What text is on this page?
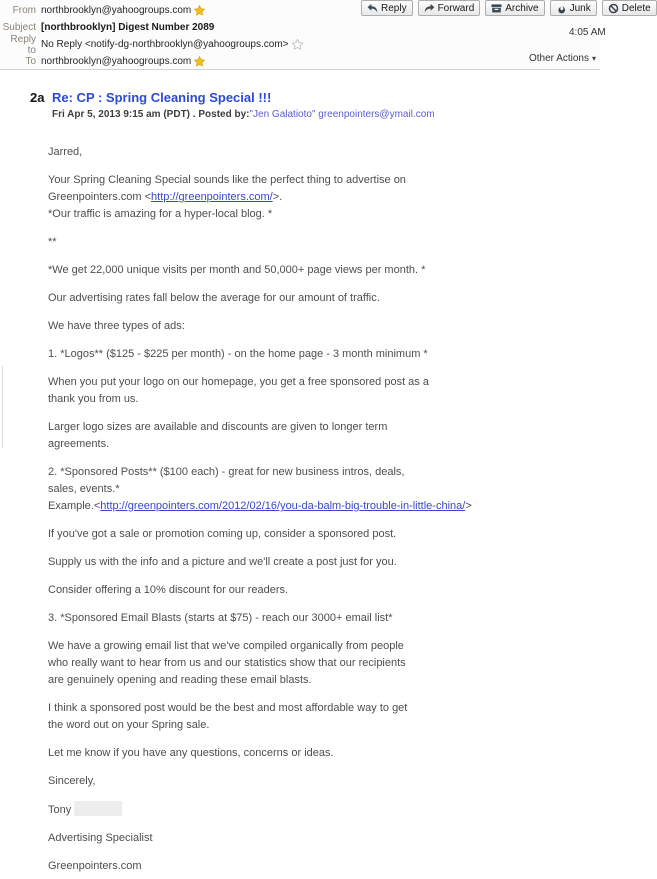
From northbrooklyn@yahoogroups.com
Subject [northbrooklyn] Digest Number 2089
Reply to No Reply <notify-dg-northbrooklyn@yahoogroups.com>
To northbrooklyn@yahoogroups.com
Reply	Forward	Archive	Junk	Delete
4:05 AM
Other Actions ▾
2a Re: CP : Spring Cleaning Special !!!
Fri Apr 5, 2013 9:15 am (PDT) . Posted by:"Jen Galatioto" greenpointers@ymail.com

Jarred,

Your Spring Cleaning Special sounds like the perfect thing to advertise on
Greenpointers.com <http://greenpointers.com/>.
*Our traffic is amazing for a hyper-local blog. *

**

*We get 22,000 unique visits per month and 50,000+ page views per month. *

Our advertising rates fall below the average for our amount of traffic.

We have three types of ads:

1. *Logos** ($125 - $225 per month) - on the home page - 3 month minimum *

When you put your logo on our homepage, you get a free sponsored post as a
thank you from us.

Larger logo sizes are available and discounts are given to longer term
agreements.

2. *Sponsored Posts** ($100 each) - great for new business intros, deals,
sales, events.*
Example.<http://greenpointers.com/2012/02/16/you-da-balm-big-trouble-in-little-china/>

If you've got a sale or promotion coming up, consider a sponsored post.

Supply us with the info and a picture and we'll create a post just for you.

Consider offering a 10% discount for our readers.

3. *Sponsored Email Blasts (starts at $75) - reach our 3000+ email list*

We have a growing email list that we've compiled organically from people
who really want to hear from us and our statistics show that our recipients
are genuinely opening and reading these email blasts.

I think a sponsored post would be the best and most affordable way to get
the word out on your Spring sale.

Let me know if you have any questions, concerns or ideas.

Sincerely,

Tony

Advertising Specialist

Greenpointers.com
